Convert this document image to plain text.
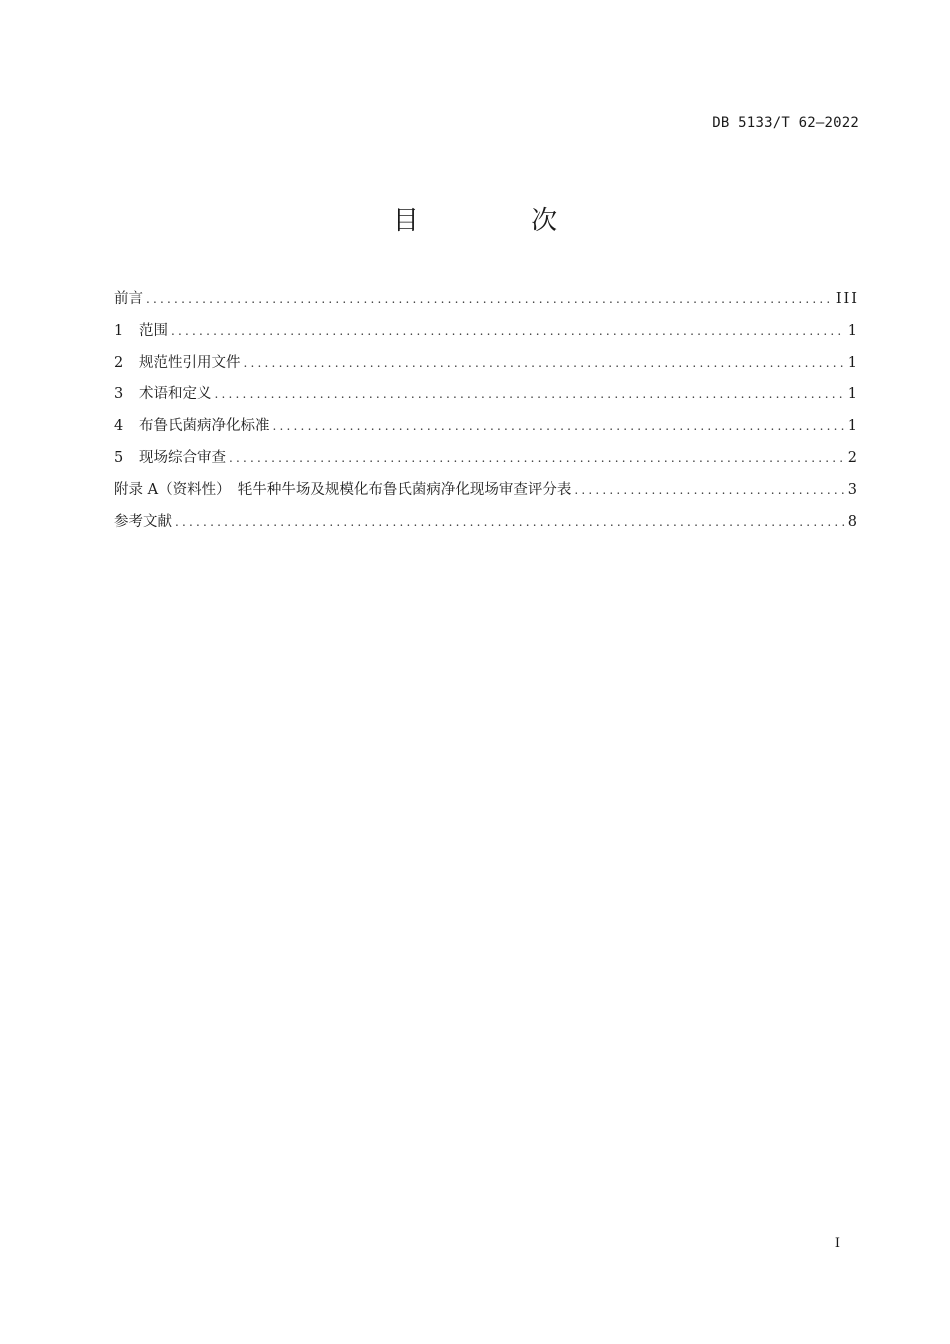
DB 5133/T 62—2022
目 次
前言 .....	III
1	范围 .....	1
2	规范性引用文件 .....	1
3	术语和定义 .....	1
4	布鲁氏菌病净化标准 .....	1
5	现场综合审查 .....	2
附录 A（资料性）　牦牛种牛场及规模化布鲁氏菌病净化现场审查评分表 .....	3
参考文献 .....	8
I
